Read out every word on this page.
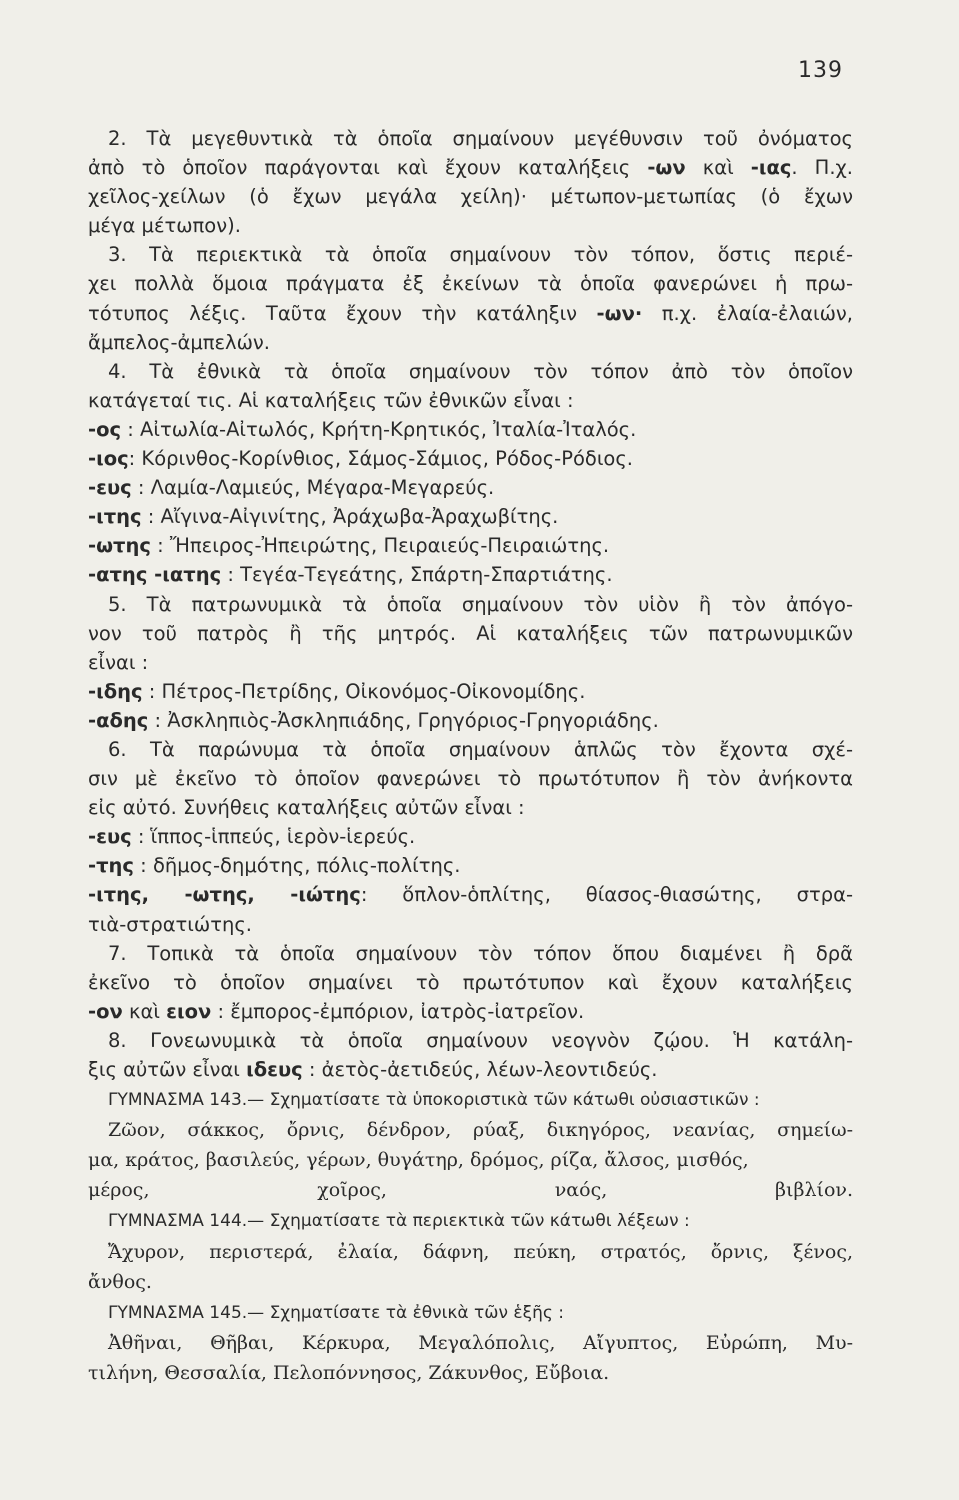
139
2. Τὰ μεγεθυντικὰ τὰ ὁποῖα σημαίνουν μεγέθυνσιν τοῦ ὀνόματος
ἀπὸ τὸ ὁποῖον παράγονται καὶ ἔχουν καταλήξεις -ων καὶ -ιας. Π.χ.
χεῖλος-χείλων (ὁ ἔχων μεγάλα χείλη)· μέτωπον-μετωπίας (ὁ ἔχων
μέγα μέτωπον).
3. Τὰ περιεκτικὰ τὰ ὁποῖα σημαίνουν τὸν τόπον, ὅστις περιέ-
χει πολλὰ ὅμοια πράγματα ἐξ ἐκείνων τὰ ὁποῖα φανερώνει ἡ πρω-
τότυπος λέξις. Ταῦτα ἔχουν τὴν κατάληξιν -ων· π.χ. ἐλαία-ἐλαιών,
ἄμπελος-ἀμπελών.
4. Τὰ ἐθνικὰ τὰ ὁποῖα σημαίνουν τὸν τόπον ἀπὸ τὸν ὁποῖον
κατάγεταί τις. Αἱ καταλήξεις τῶν ἐθνικῶν εἶναι :
-ος : Αἰτωλία-Αἰτωλός, Κρήτη-Κρητικός, Ἰταλία-Ἰταλός.
-ιος: Κόρινθος-Κορίνθιος, Σάμος-Σάμιος, Ρόδος-Ρόδιος.
-ευς : Λαμία-Λαμιεύς, Μέγαρα-Μεγαρεύς.
-ιτης : Αἴγινα-Αἰγινίτης, Ἀράχωβα-Ἀραχωβίτης.
-ωτης : Ἤπειρος-Ἠπειρώτης, Πειραιεύς-Πειραιώτης.
-ατης -ιατης : Τεγέα-Τεγεάτης, Σπάρτη-Σπαρτιάτης.
5. Τὰ πατρωνυμικὰ τὰ ὁποῖα σημαίνουν τὸν υἱὸν ἢ τὸν ἀπόγο-
νον τοῦ πατρὸς ἢ τῆς μητρός. Αἱ καταλήξεις τῶν πατρωνυμικῶν
εἶναι :
-ιδης : Πέτρος-Πετρίδης, Οἰκονόμος-Οἰκονομίδης.
-αδης : Ἀσκληπιὸς-Ἀσκληπιάδης, Γρηγόριος-Γρηγοριάδης.
6. Τὰ παρώνυμα τὰ ὁποῖα σημαίνουν ἁπλῶς τὸν ἔχοντα σχέ-
σιν μὲ ἐκεῖνο τὸ ὁποῖον φανερώνει τὸ πρωτότυπον ἢ τὸν ἀνήκοντα
εἰς αὐτό. Συνήθεις καταλήξεις αὐτῶν εἶναι :
-ευς : ἵππος-ἱππεύς, ἱερὸν-ἱερεύς.
-της : δῆμος-δημότης, πόλις-πολίτης.
-ιτης, -ωτης, -ιώτης: ὅπλον-ὁπλίτης, θίασος-θιασώτης, στρα-
τιὰ-στρατιώτης.
7. Τοπικὰ τὰ ὁποῖα σημαίνουν τὸν τόπον ὅπου διαμένει ἢ δρᾶ
ἐκεῖνο τὸ ὁποῖον σημαίνει τὸ πρωτότυπον καὶ ἔχουν καταλήξεις
-ον καὶ ειον : ἔμπορος-ἐμπόριον, ἰατρὸς-ἰατρεῖον.
8. Γονεωνυμικὰ τὰ ὁποῖα σημαίνουν νεογνὸν ζῴου. Ἡ κατάλη-
ξις αὐτῶν εἶναι ιδευς : ἀετὸς-ἀετιδεύς, λέων-λεοντιδεύς.
ΓΥΜΝΑΣΜΑ 143.— Σχηματίσατε τὰ ὑποκοριστικὰ τῶν κάτωθι οὐσιαστικῶν :
Ζῶον, σάκκος, ὄρνις, δένδρον, ρύαξ, δικηγόρος, νεανίας, σημείω-
μα, κράτος, βασιλεύς, γέρων, θυγάτηρ, δρόμος, ρίζα, ἄλσος, μισθός,
μέρος, χοῖρος, ναός, βιβλίον.
ΓΥΜΝΑΣΜΑ 144.— Σχηματίσατε τὰ περιεκτικὰ τῶν κάτωθι λέξεων :
Ἄχυρον, περιστερά, ἐλαία, δάφνη, πεύκη, στρατός, ὄρνις, ξένος,
ἄνθος.
ΓΥΜΝΑΣΜΑ 145.— Σχηματίσατε τὰ ἐθνικὰ τῶν ἑξῆς :
Ἀθῆναι, Θῆβαι, Κέρκυρα, Μεγαλόπολις, Αἴγυπτος, Εὐρώπη, Μυ-
τιλήνη, Θεσσαλία, Πελοπόννησος, Ζάκυνθος, Εὔβοια.
